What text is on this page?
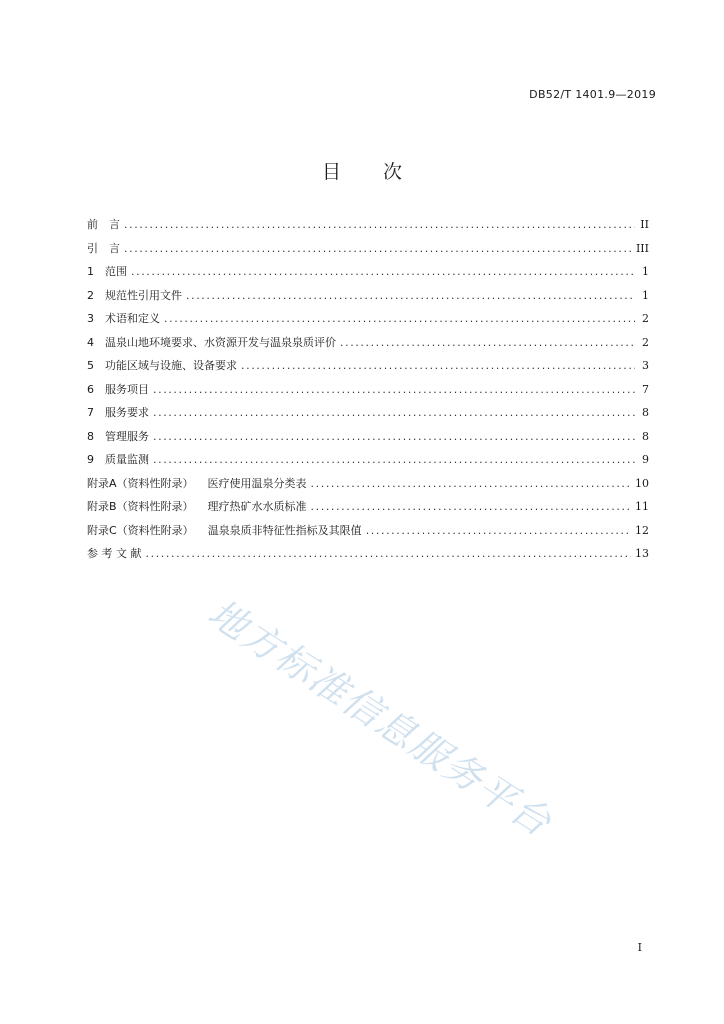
DB52/T 1401.9—2019
目 次
前　言 .....	II
引　言 .....	III
1	范围 .....	1
2	规范性引用文件 .....	1
3	术语和定义 .....	2
4	温泉山地环境要求、水资源开发与温泉泉质评价 .....	2
5	功能区域与设施、设备要求 .....	3
6	服务项目 .....	7
7	服务要求 .....	8
8	管理服务 .....	8
9	质量监测 .....	9
附录A（资料性附录） 医疗使用温泉分类表 .....	10
附录B（资料性附录） 理疗热矿水水质标准 .....	11
附录C（资料性附录） 温泉泉质非特征性指标及其限值 .....	12
参 考 文 献 .....	13
地方标准信息服务平台
I
